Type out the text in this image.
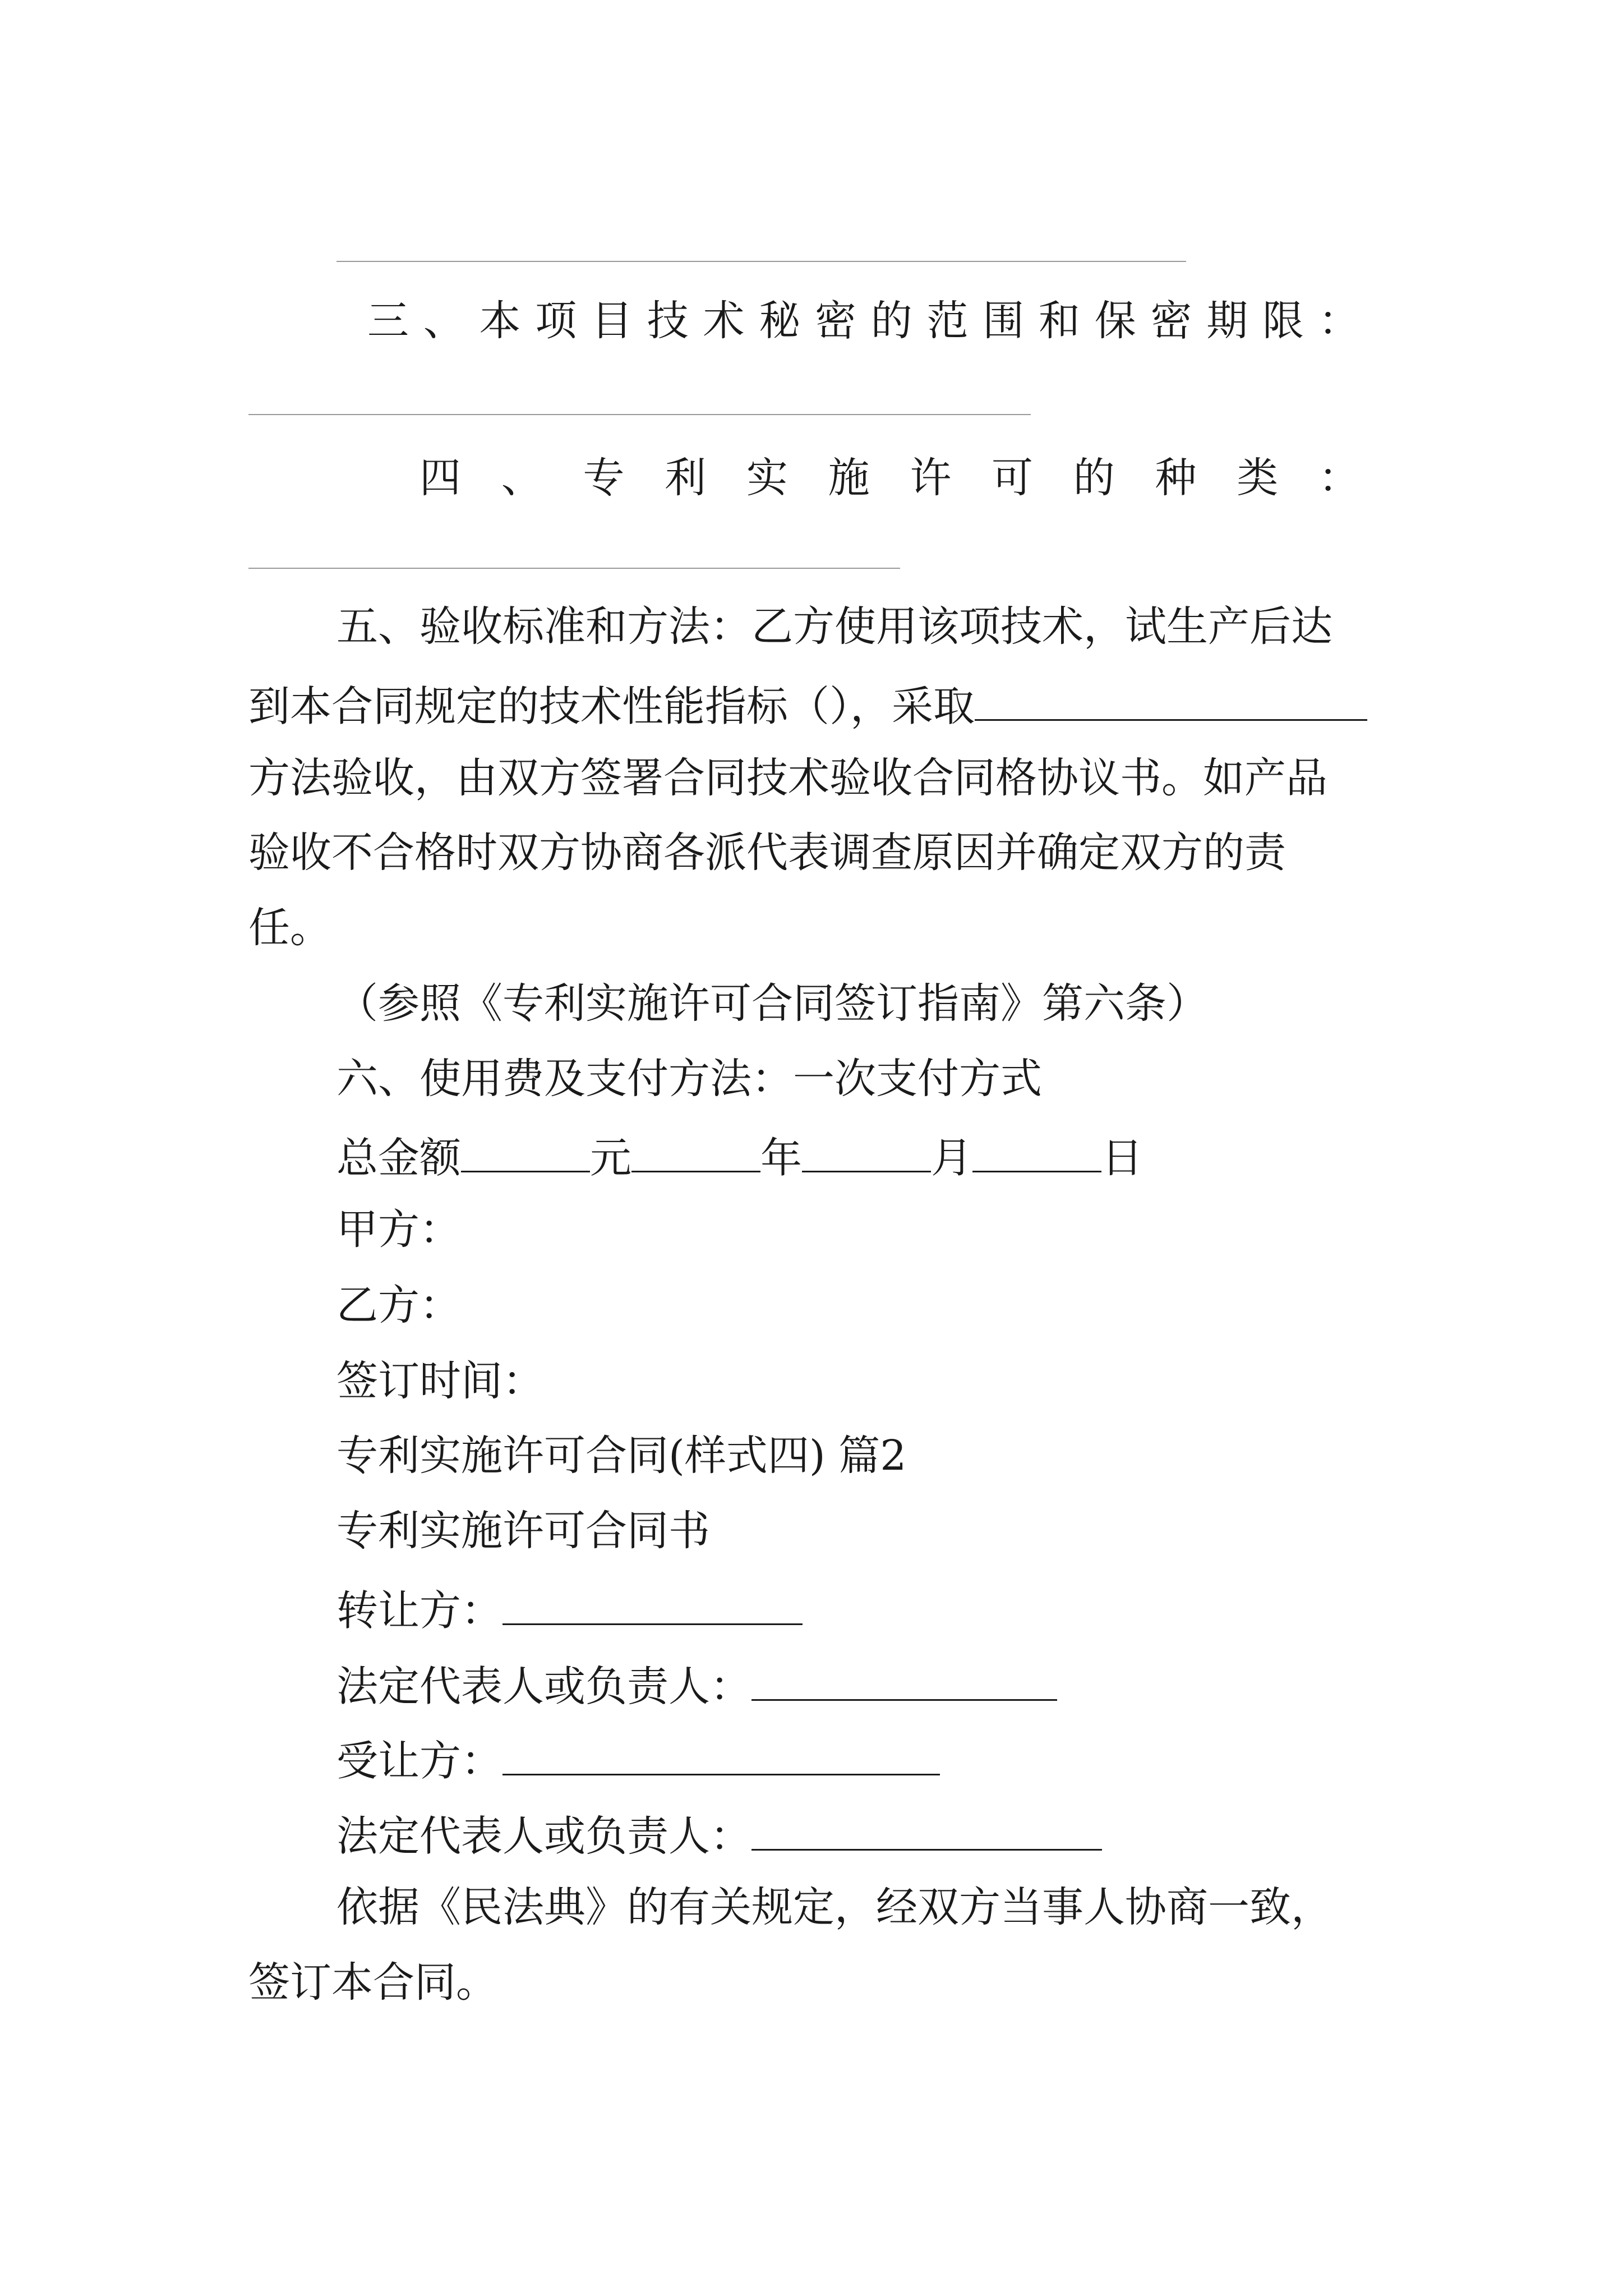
三 、 本 项 目 技 术 秘 密 的 范 围 和 保 密 期 限 ：
四 、 专 利 实 施 许 可 的 种 类 ：
五、验收标准和方法：乙方使用该项技术，试生产后达
到本合同规定的技术性能指标（），采取
方法验收，由双方签署合同技术验收合同格协议书。如产品
验收不合格时双方协商各派代表调查原因并确定双方的责
任。
（参照《专利实施许可合同签订指南》第六条）
六、使用费及支付方法：一次支付方式
总金额	元	年	月	日
甲方：
乙方：
签订时间：
专利实施许可合同(样式四) 篇2
专利实施许可合同书
转让方：
法定代表人或负责人：
受让方：
法定代表人或负责人：
依据《民法典》的有关规定，经双方当事人协商一致，
签订本合同。
